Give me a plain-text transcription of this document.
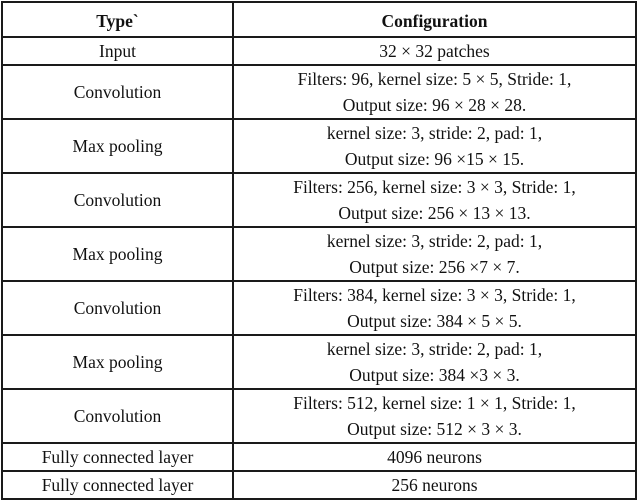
Type`	Configuration
Input	32 × 32 patches

Convolution	Filters: 96, kernel size: 5 × 5, Stride: 1,
Output size: 96 × 28 × 28.

Max pooling	kernel size: 3, stride: 2, pad: 1,
Output size: 96 ×15 × 15.

Convolution	Filters: 256, kernel size: 3 × 3, Stride: 1,
Output size: 256 × 13 × 13.

Max pooling	kernel size: 3, stride: 2, pad: 1,
Output size: 256 ×7 × 7.

Convolution	Filters: 384, kernel size: 3 × 3, Stride: 1,
Output size: 384 × 5 × 5.

Max pooling	kernel size: 3, stride: 2, pad: 1,
Output size: 384 ×3 × 3.

Convolution	Filters: 512, kernel size: 1 × 1, Stride: 1,
Output size: 512 × 3 × 3.

Fully connected layer	4096 neurons

Fully connected layer	256 neurons
